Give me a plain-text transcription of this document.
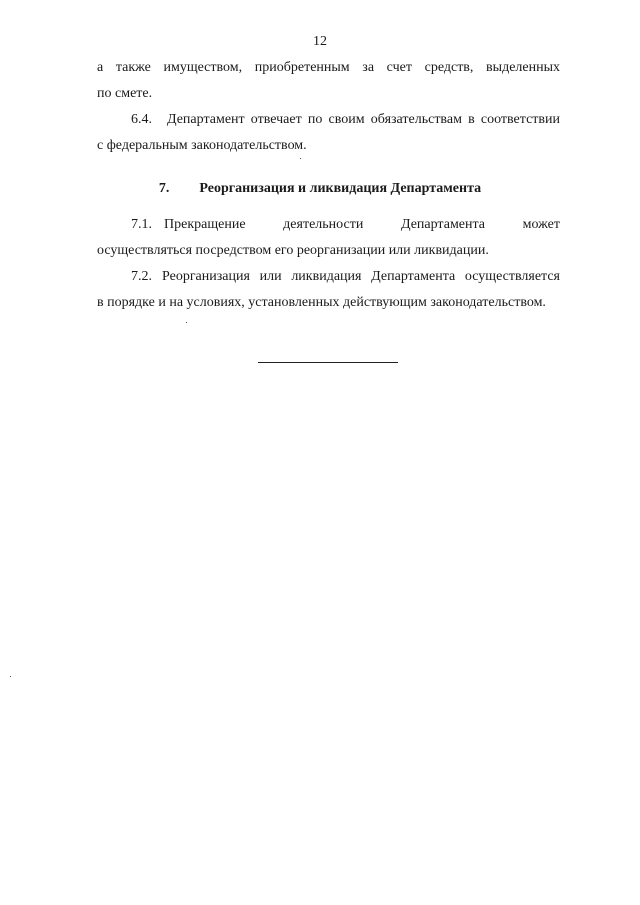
12
а также имуществом, приобретенным за счет средств, выделенных
по смете.
6.4. Департамент отвечает по своим обязательствам в соответствии
с федеральным законодательством.
7. Реорганизация и ликвидация Департамента
7.1. Прекращение деятельности Департамента может
осуществляться посредством его реорганизации или ликвидации.
7.2. Реорганизация или ликвидация Департамента осуществляется
в порядке и на условиях, установленных действующим законодательством.
